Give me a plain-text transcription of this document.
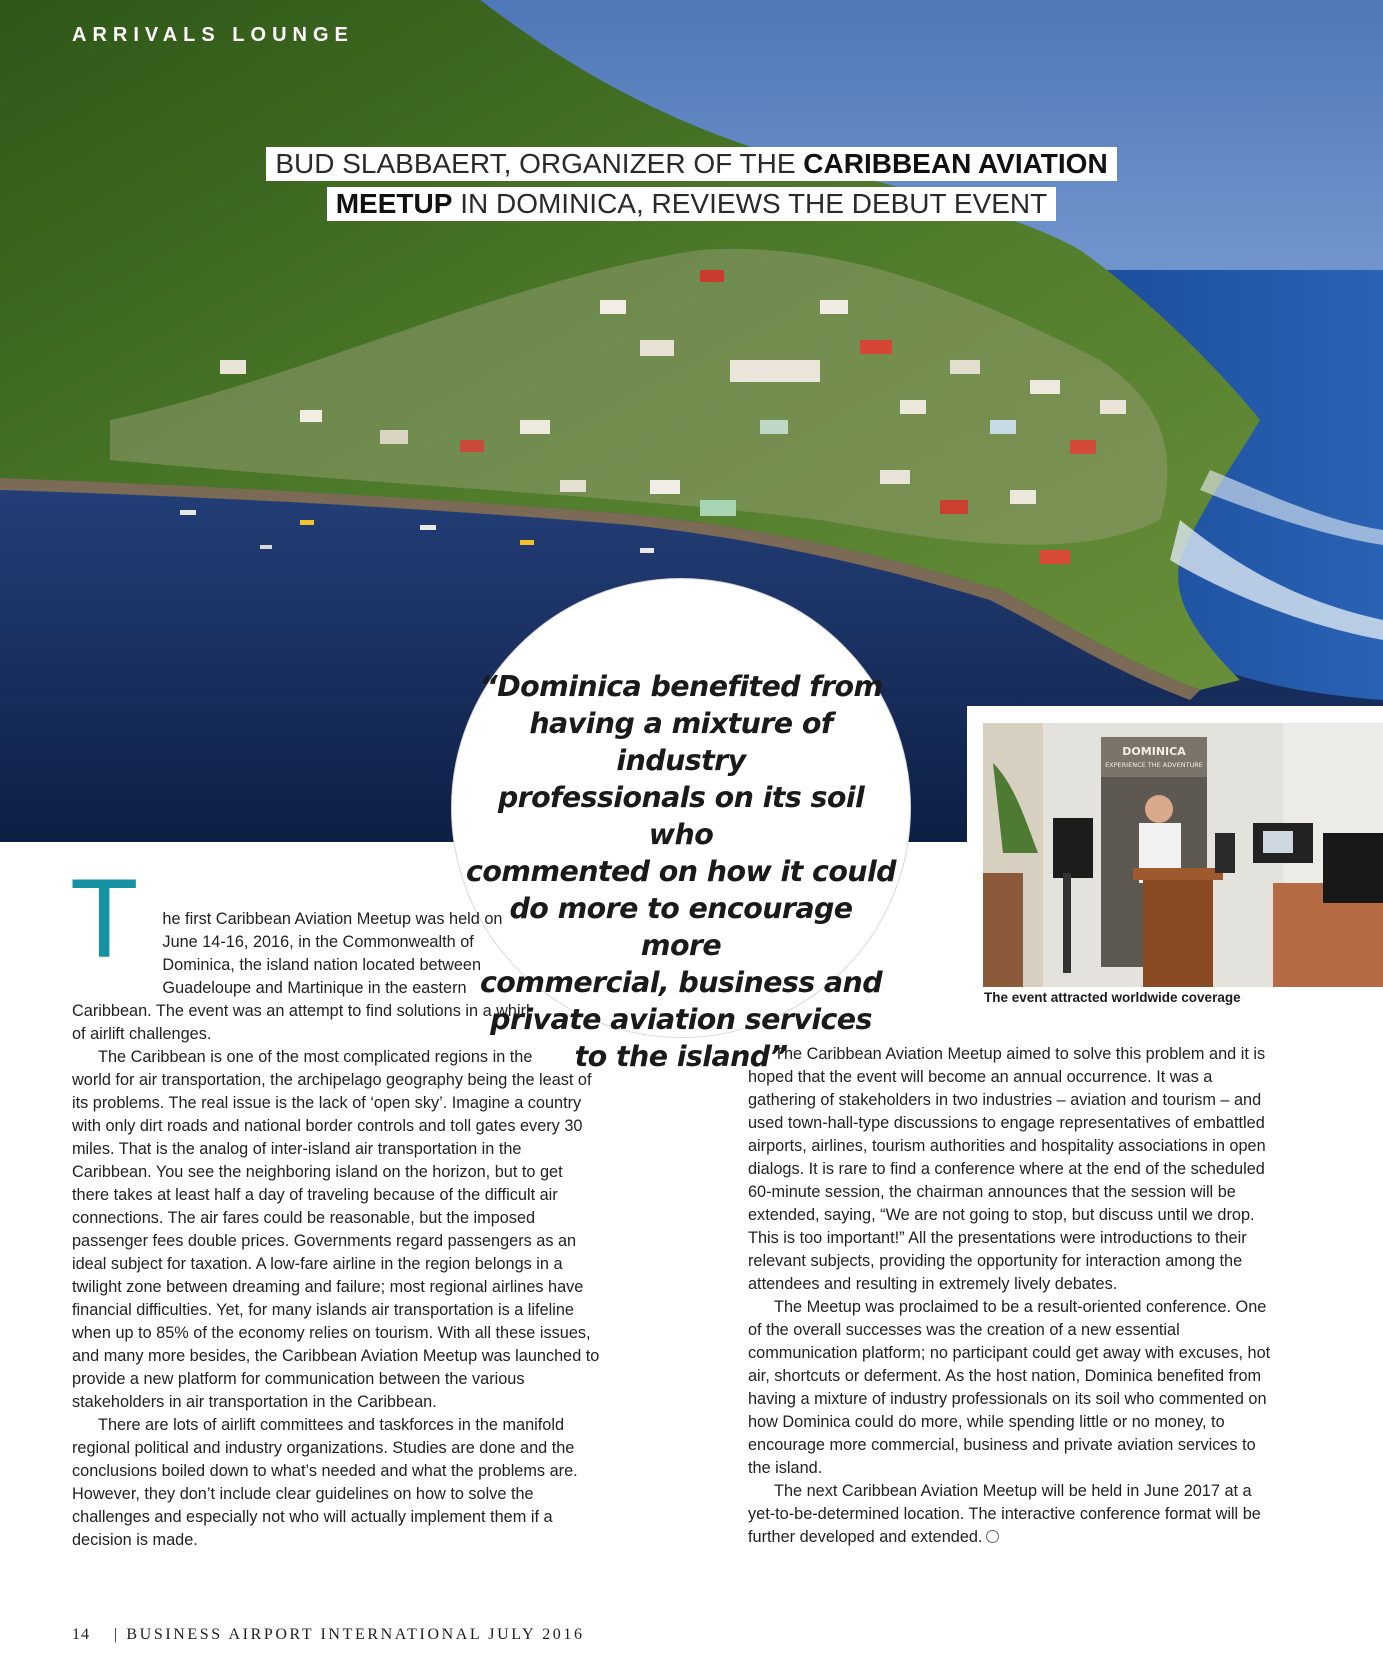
ARRIVALS LOUNGE
BUD SLABBAERT, ORGANIZER OF THE CARIBBEAN AVIATION
MEETUP IN DOMINICA, REVIEWS THE DEBUT EVENT
DOMINICA
EXPERIENCE THE ADVENTURE
The event attracted worldwide coverage
“Dominica benefited from
having a mixture of industry
professionals on its soil who
commented on how it could
do more to encourage more
commercial, business and
private aviation services
to the island”

T he first Caribbean Aviation Meetup was held on June 14-16, 2016, in the Commonwealth of Dominica, the island nation located between Guadeloupe and Martinique in the eastern Caribbean. The event was an attempt to find solutions in a whirl of airlift challenges.

The Caribbean is one of the most complicated regions in the world for air transportation, the archipelago geography being the least of its problems. The real issue is the lack of ‘open sky’. Imagine a country with only dirt roads and national border controls and toll gates every 30 miles. That is the analog of inter-island air transportation in the Caribbean. You see the neighboring island on the horizon, but to get there takes at least half a day of traveling because of the difficult air connections. The air fares could be reasonable, but the imposed passenger fees double prices. Governments regard passengers as an ideal subject for taxation. A low-fare airline in the region belongs in a twilight zone between dreaming and failure; most regional airlines have financial difficulties. Yet, for many islands air transportation is a lifeline when up to 85% of the economy relies on tourism. With all these issues, and many more besides, the Caribbean Aviation Meetup was launched to provide a new platform for communication between the various stakeholders in air transportation in the Caribbean.

There are lots of airlift committees and taskforces in the manifold regional political and industry organizations. Studies are done and the conclusions boiled down to what’s needed and what the problems are. However, they don’t include clear guidelines on how to solve the challenges and especially not who will actually implement them if a decision is made.

The Caribbean Aviation Meetup aimed to solve this problem and it is hoped that the event will become an annual occurrence. It was a gathering of stakeholders in two industries – aviation and tourism – and used town-hall-type discussions to engage representatives of embattled airports, airlines, tourism authorities and hospitality associations in open dialogs. It is rare to find a conference where at the end of the scheduled 60-minute session, the chairman announces that the session will be extended, saying, “We are not going to stop, but discuss until we drop. This is too important!” All the presentations were introductions to their relevant subjects, providing the opportunity for interaction among the attendees and resulting in extremely lively debates.

The Meetup was proclaimed to be a result-oriented conference. One of the overall successes was the creation of a new essential communication platform; no participant could get away with excuses, hot air, shortcuts or deferment. As the host nation, Dominica benefited from having a mixture of industry professionals on its soil who commented on how Dominica could do more, while spending little or no money, to encourage more commercial, business and private aviation services to the island.

The next Caribbean Aviation Meetup will be held in June 2017 at a yet-to-be-determined location. The interactive conference format will be further developed and extended.

14 | BUSINESS AIRPORT INTERNATIONAL JULY 2016
